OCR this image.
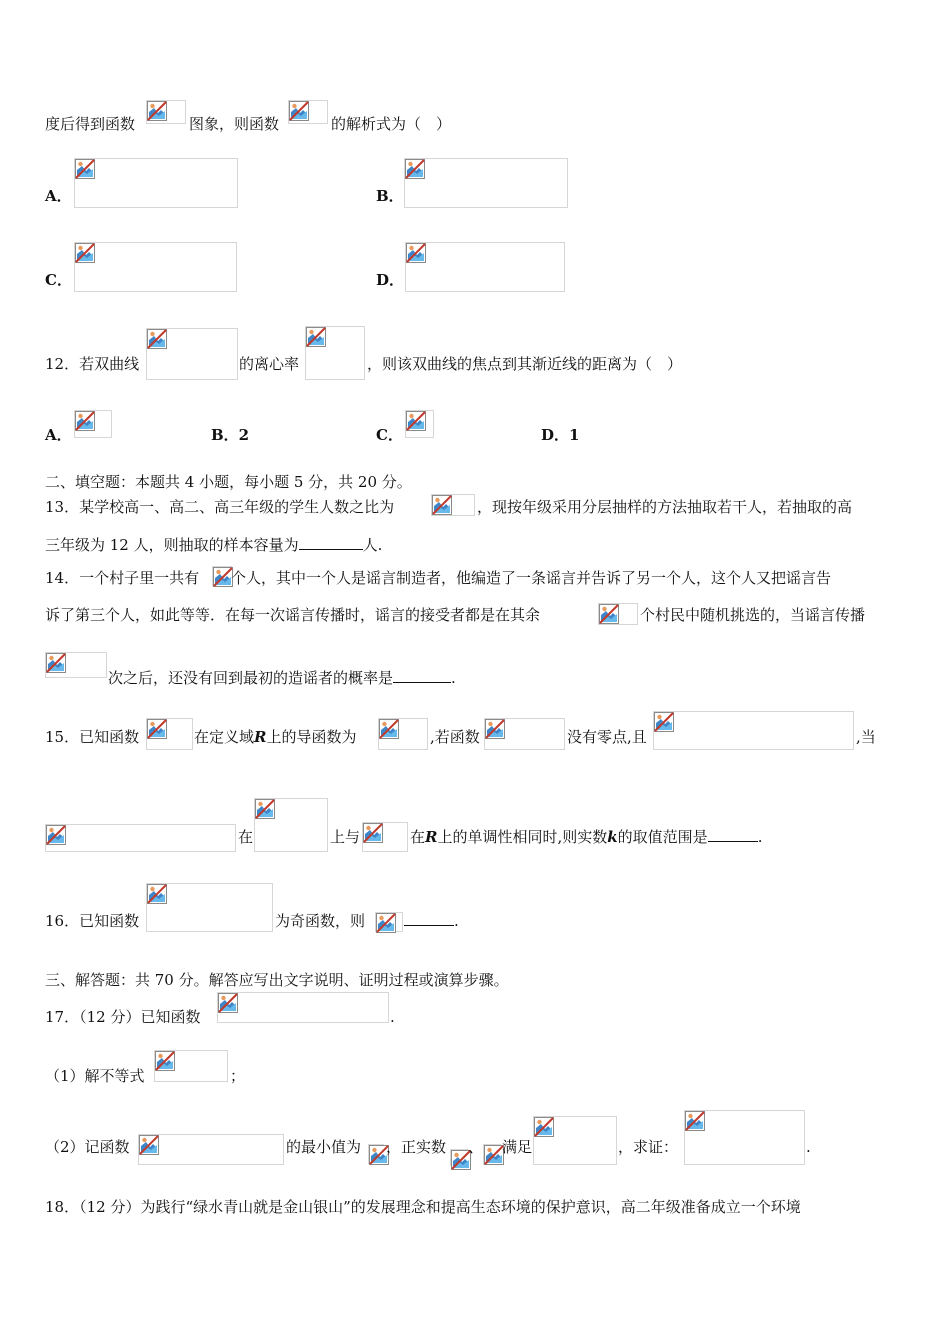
度后得到函数	图象，则函数	的解析式为（　）
A．	B．
C．	D．
12．若双曲线	的离心率	，则该双曲线的焦点到其渐近线的距离为（　）
A．	B．2	C．	D．1
二、填空题：本题共 4 小题，每小题 5 分，共 20 分。
13．某学校高一、高二、高三年级的学生人数之比为	，现按年级采用分层抽样的方法抽取若干人，若抽取的高
三年级为 12 人，则抽取的样本容量为	人.
14．一个村子里一共有 个人，其中一个人是谣言制造者，他编造了一条谣言并告诉了另一个人，这个人又把谣言告
诉了第三个人，如此等等．在每一次谣言传播时，谣言的接受者都是在其余	个村民中随机挑选的，当谣言传播
次之后，还没有回到最初的造谣者的概率是	.
15．已知函数	在定义域R上的导函数为	,若函数	没有零点,且	,当
在	上与	在R上的单调性相同时,则实数k的取值范围是	.
16．已知函数	为奇函数，则	.
三、解答题：共 70 分。解答应写出文字说明、证明过程或演算步骤。
17．（12 分）已知函数	.
（1）解不等式	；
（2）记函数	的最小值为 ，正实数 、 满足	，求证：	.
18．（12 分）为践行“绿水青山就是金山银山”的发展理念和提高生态环境的保护意识，高二年级准备成立一个环境
